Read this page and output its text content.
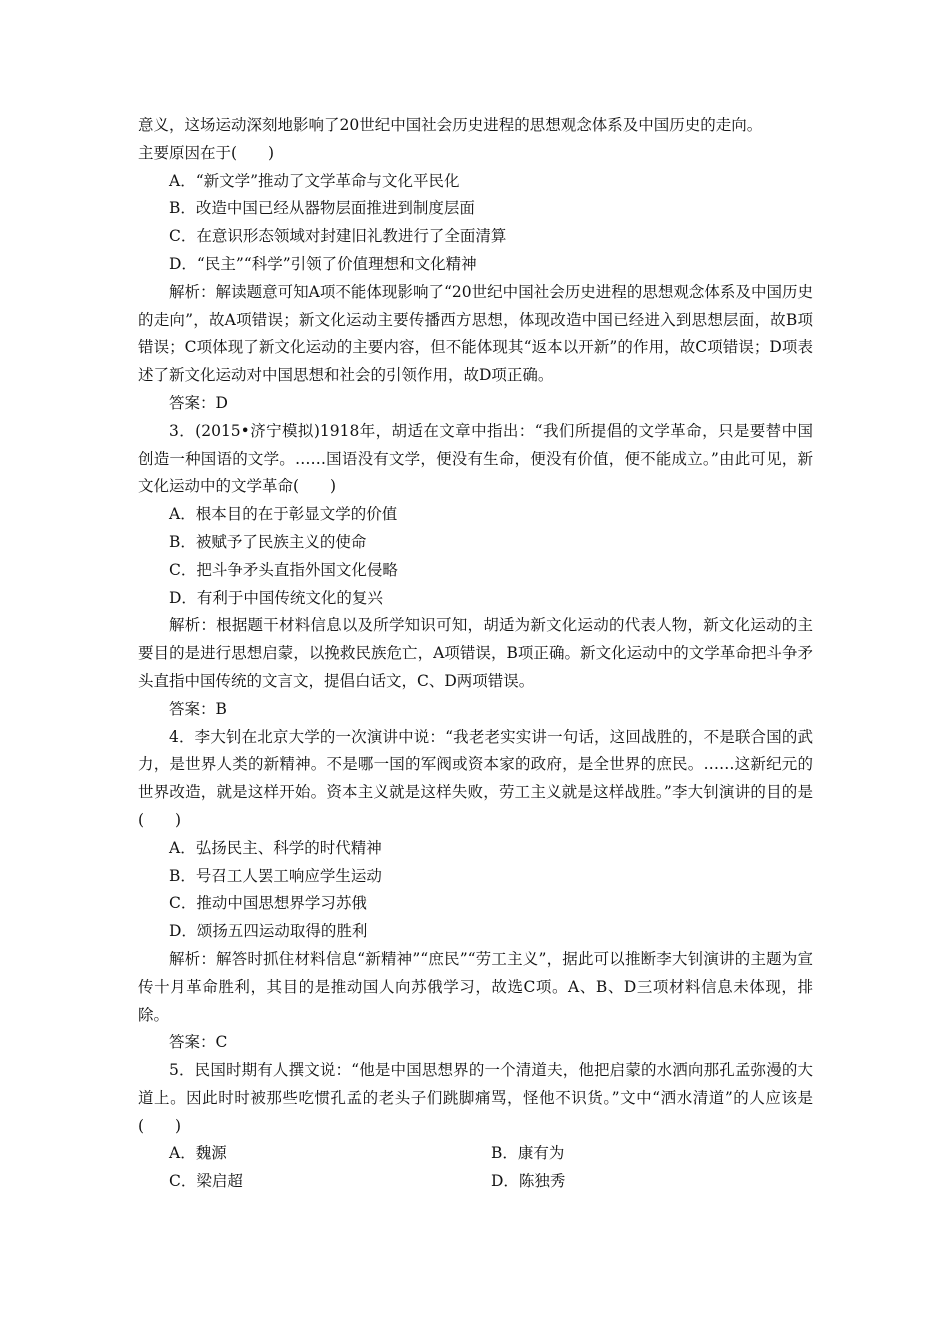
意义，这场运动深刻地影响了20世纪中国社会历史进程的思想观念体系及中国历史的走向。

主要原因在于(　　)

A．“新文学”推动了文学革命与文化平民化

B．改造中国已经从器物层面推进到制度层面

C．在意识形态领域对封建旧礼教进行了全面清算

D．“民主”“科学”引领了价值理想和文化精神

解析：解读题意可知A项不能体现影响了“20世纪中国社会历史进程的思想观念体系及中国历史的走向”，故A项错误；新文化运动主要传播西方思想，体现改造中国已经进入到思想层面，故B项错误；C项体现了新文化运动的主要内容，但不能体现其“返本以开新”的作用，故C项错误；D项表述了新文化运动对中国思想和社会的引领作用，故D项正确。

答案：D

3．(2015•济宁模拟)1918年，胡适在文章中指出：“我们所提倡的文学革命，只是要替中国创造一种国语的文学。……国语没有文学，便没有生命，便没有价值，便不能成立。”由此可见，新文化运动中的文学革命(　　)

A．根本目的在于彰显文学的价值

B．被赋予了民族主义的使命

C．把斗争矛头直指外国文化侵略

D．有利于中国传统文化的复兴

解析：根据题干材料信息以及所学知识可知，胡适为新文化运动的代表人物，新文化运动的主要目的是进行思想启蒙，以挽救民族危亡，A项错误，B项正确。新文化运动中的文学革命把斗争矛头直指中国传统的文言文，提倡白话文，C、D两项错误。

答案：B

4．李大钊在北京大学的一次演讲中说：“我老老实实讲一句话，这回战胜的，不是联合国的武力，是世界人类的新精神。不是哪一国的军阀或资本家的政府，是全世界的庶民。……这新纪元的世界改造，就是这样开始。资本主义就是这样失败，劳工主义就是这样战胜。”李大钊演讲的目的是(　　)

A．弘扬民主、科学的时代精神

B．号召工人罢工响应学生运动

C．推动中国思想界学习苏俄

D．颂扬五四运动取得的胜利

解析：解答时抓住材料信息“新精神”“庶民”“劳工主义”，据此可以推断李大钊演讲的主题为宣传十月革命胜利，其目的是推动国人向苏俄学习，故选C项。A、B、D三项材料信息未体现，排除。

答案：C

5．民国时期有人撰文说：“他是中国思想界的一个清道夫，他把启蒙的水洒向那孔孟弥漫的大道上。因此时时被那些吃惯孔孟的老头子们跳脚痛骂，怪他不识货。”文中“洒水清道”的人应该是(　　)

A．魏源	B．康有为
C．梁启超	D．陈独秀
